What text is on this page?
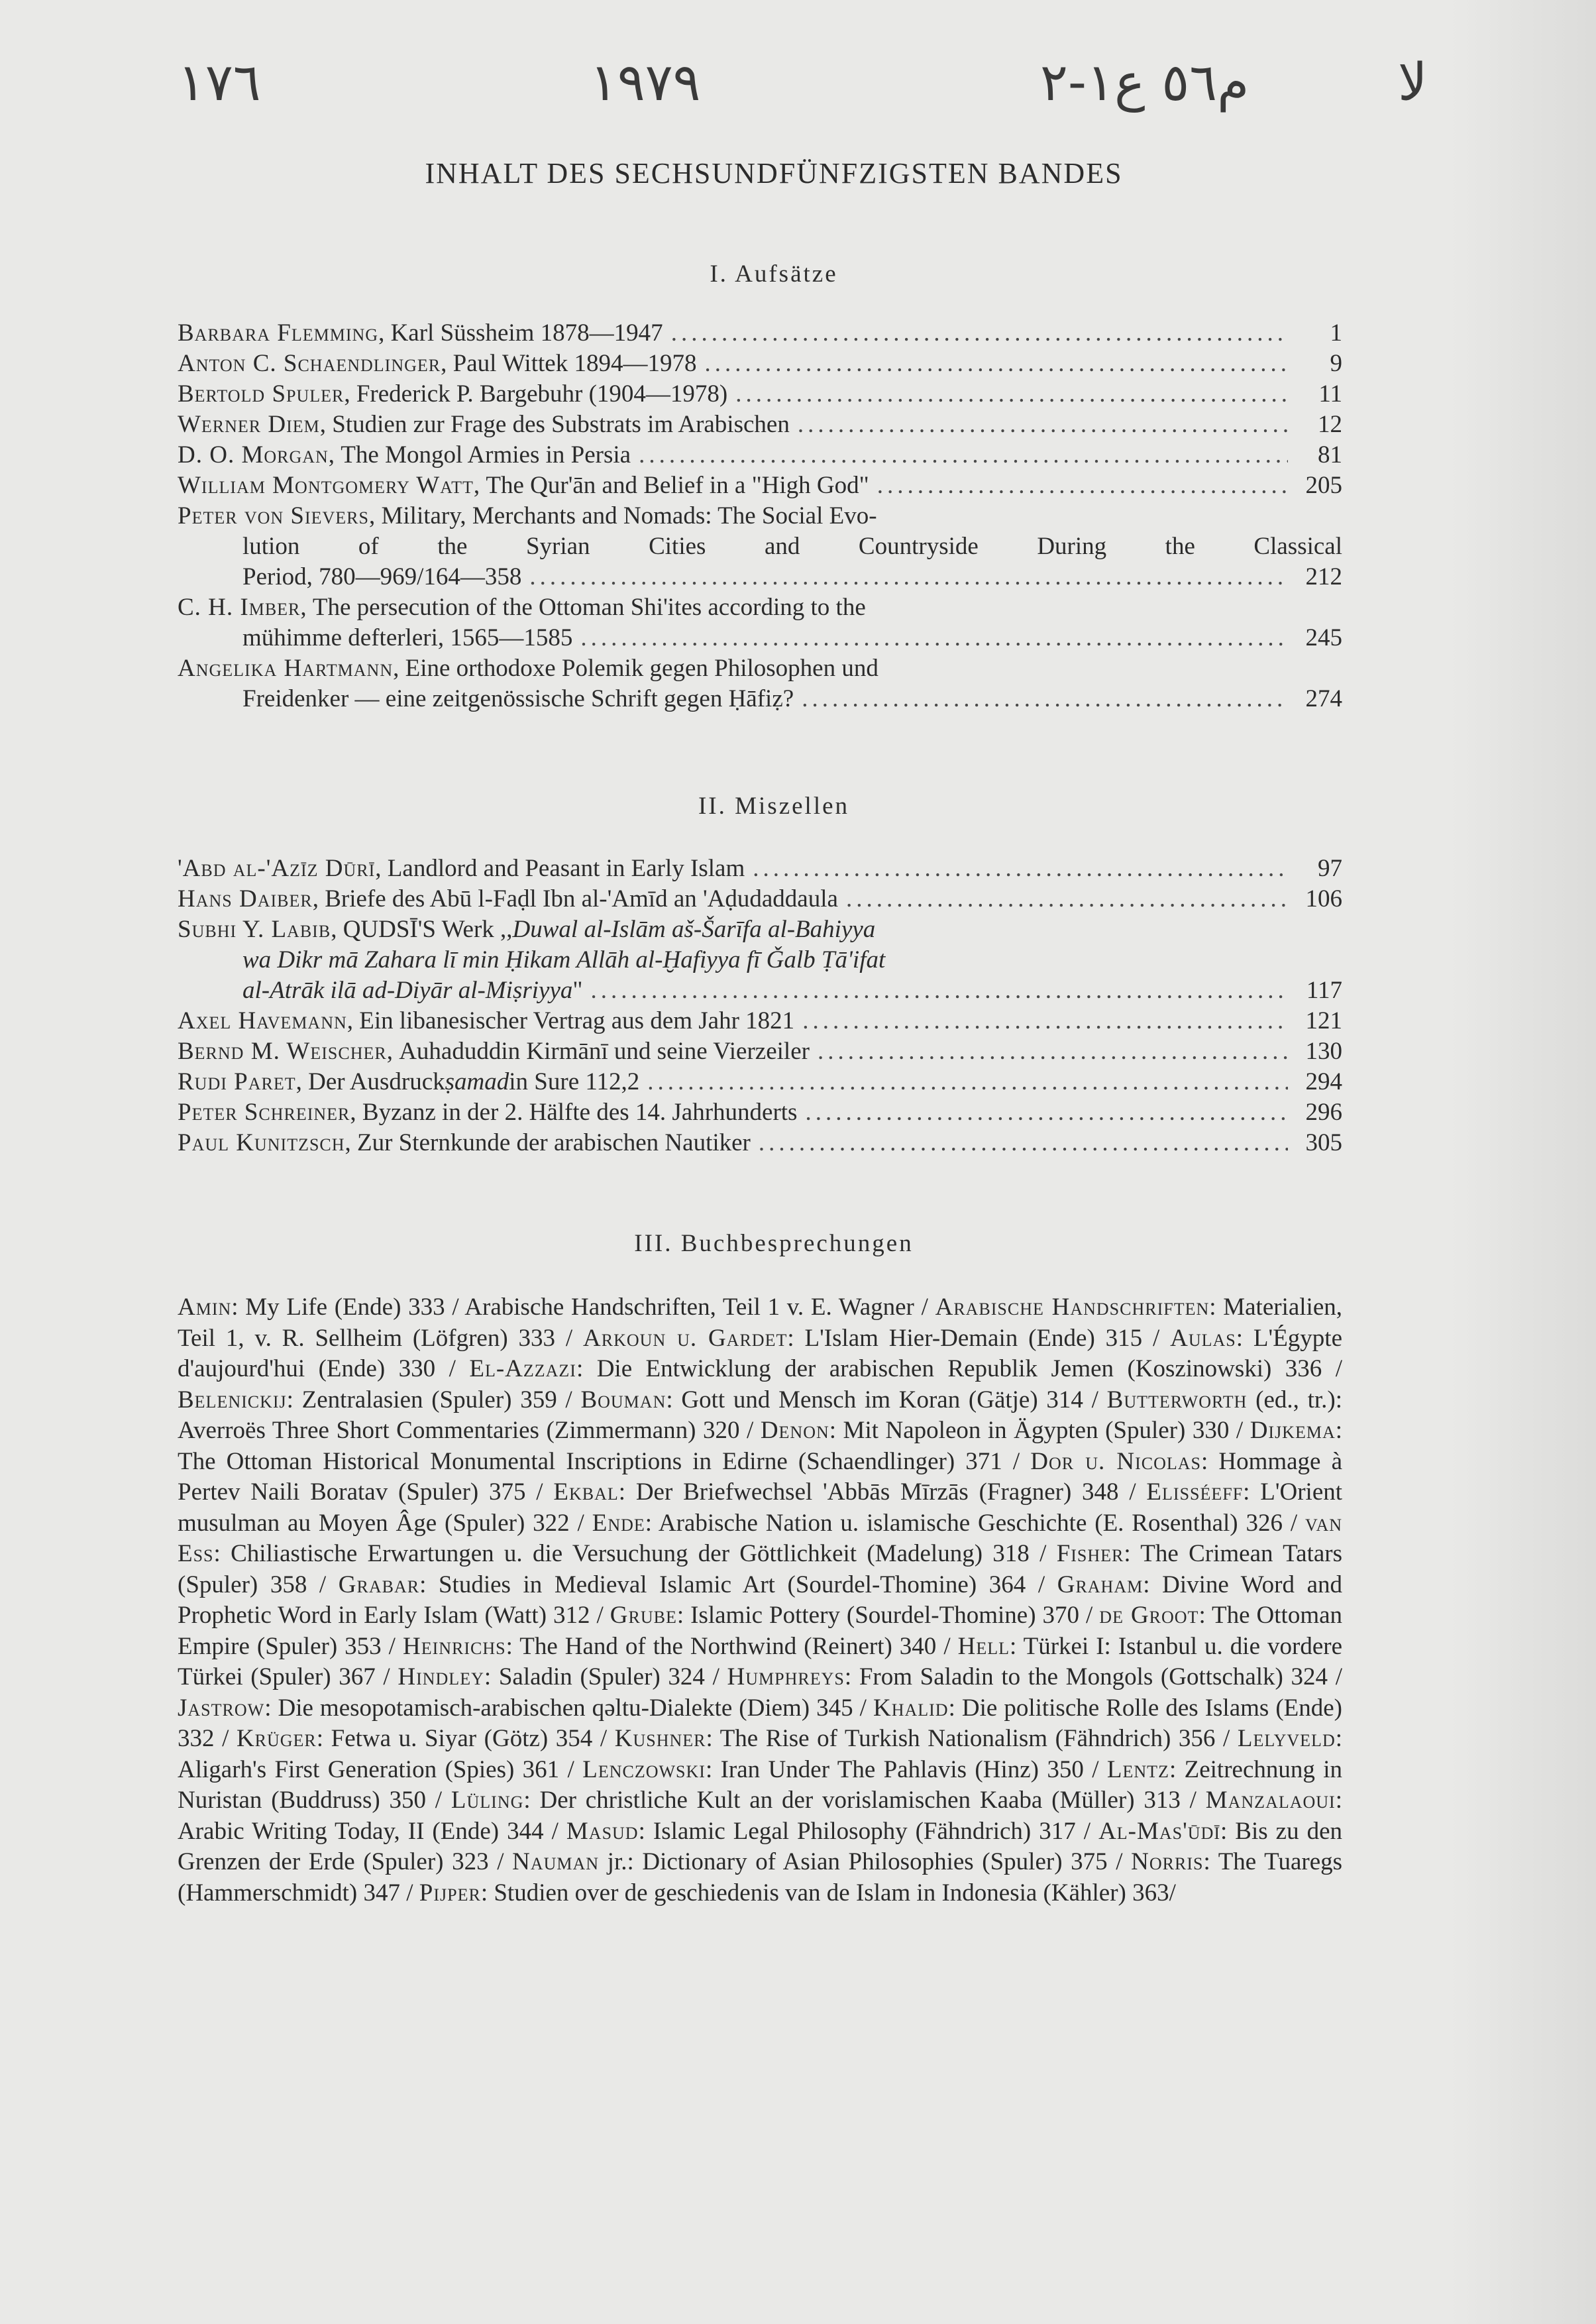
١٧٦	١٩٧٩	م٥٦ ع١-٢	لا
INHALT DES SECHSUNDFÜNFZIGSTEN BANDES
I. Aufsätze
Barbara Flemming , Karl Süssheim 1878—1947 .....	1
Anton C. Schaendlinger , Paul Wittek 1894—1978 .....	9
Bertold Spuler , Frederick P. Bargebuhr (1904—1978) .....	11
Werner Diem , Studien zur Frage des Substrats im Arabischen .....	12
D. O. Morgan , The Mongol Armies in Persia .....	81
William Montgomery Watt , The Qur'ān and Belief in a "High God" .....	205
Peter von Sievers , Military, Merchants and Nomads: The Social Evo-
lution of the Syrian Cities and Countryside During the Classical
Period, 780—969/164—358 .....	212
C. H. Imber , The persecution of the Ottoman Shi'ites according to the
mühimme defterleri, 1565—1585 .....	245
Angelika Hartmann , Eine orthodoxe Polemik gegen Philosophen und
Freidenker — eine zeitgenössische Schrift gegen Ḥāfiẓ? .....	274
II. Miszellen
'Abd al-'Azīz Dūrī , Landlord and Peasant in Early Islam .....	97
Hans Daiber , Briefe des Abū l-Faḍl Ibn al-'Amīd an 'Aḍudaddaula .....	106
Subhi Y. Labib , QUDSĪ'S Werk ,, Duwal al-Islām aš-Šarīfa al-Bahiyya
wa Dikr mā Zahara lī min Ḥikam Allāh al-Ḫafiyya fī Ǧalb Ṭā'ifat
al-Atrāk ilā ad-Diyār al-Miṣriyya " .....	117
Axel Havemann , Ein libanesischer Vertrag aus dem Jahr 1821 .....	121
Bernd M. Weischer , Auhaduddin Kirmānī und seine Vierzeiler .....	130
Rudi Paret , Der Ausdruck ṣamad in Sure 112,2 .....	294
Peter Schreiner , Byzanz in der 2. Hälfte des 14. Jahrhunderts .....	296
Paul Kunitzsch , Zur Sternkunde der arabischen Nautiker .....	305
III. Buchbesprechungen
Amin: My Life (Ende) 333 / Arabische Handschriften, Teil 1 v. E. Wagner / Arabische Handschriften: Materialien, Teil 1, v. R. Sellheim (Löfgren) 333 / Arkoun u. Gardet: L'Islam Hier-Demain (Ende) 315 / Aulas: L'Égypte d'aujourd'hui (Ende) 330 / El-Azzazi: Die Entwicklung der arabischen Republik Jemen (Koszinowski) 336 / Belenickij: Zentralasien (Spuler) 359 / Bouman: Gott und Mensch im Koran (Gätje) 314 / Butterworth (ed., tr.): Averroës Three Short Commentaries (Zimmermann) 320 / Denon: Mit Napoleon in Ägypten (Spuler) 330 / Dijkema: The Ottoman Historical Monumental Inscriptions in Edirne (Schaendlinger) 371 / Dor u. Nicolas: Hommage à Pertev Naili Boratav (Spuler) 375 / Ekbal: Der Briefwechsel 'Abbās Mīrzās (Fragner) 348 / Elisséeff: L'Orient musulman au Moyen Âge (Spuler) 322 / Ende: Arabische Nation u. islamische Geschichte (E. Rosenthal) 326 / van Ess: Chiliastische Erwartungen u. die Versuchung der Göttlichkeit (Madelung) 318 / Fisher: The Crimean Tatars (Spuler) 358 / Grabar: Studies in Medieval Islamic Art (Sourdel-Thomine) 364 / Graham: Divine Word and Prophetic Word in Early Islam (Watt) 312 / Grube: Islamic Pottery (Sourdel-Thomine) 370 / de Groot: The Ottoman Empire (Spuler) 353 / Heinrichs: The Hand of the Northwind (Reinert) 340 / Hell: Türkei I: Istanbul u. die vordere Türkei (Spuler) 367 / Hindley: Saladin (Spuler) 324 / Humphreys: From Saladin to the Mongols (Gottschalk) 324 / Jastrow: Die mesopotamisch-arabischen qəltu-Dialekte (Diem) 345 / Khalid: Die politische Rolle des Islams (Ende) 332 / Krüger: Fetwa u. Siyar (Götz) 354 / Kushner: The Rise of Turkish Nationalism (Fähndrich) 356 / Lelyveld: Aligarh's First Generation (Spies) 361 / Lenczowski: Iran Under The Pahlavis (Hinz) 350 / Lentz: Zeitrechnung in Nuristan (Buddruss) 350 / Lüling: Der christliche Kult an der vorislamischen Kaaba (Müller) 313 / Manzalaoui: Arabic Writing Today, II (Ende) 344 / Masud: Islamic Legal Philosophy (Fähndrich) 317 / Al-Mas'ūdī: Bis zu den Grenzen der Erde (Spuler) 323 / Nauman jr.: Dictionary of Asian Philosophies (Spuler) 375 / Norris: The Tuaregs (Hammerschmidt) 347 / Pijper: Studien over de geschiedenis van de Islam in Indonesia (Kähler) 363/
